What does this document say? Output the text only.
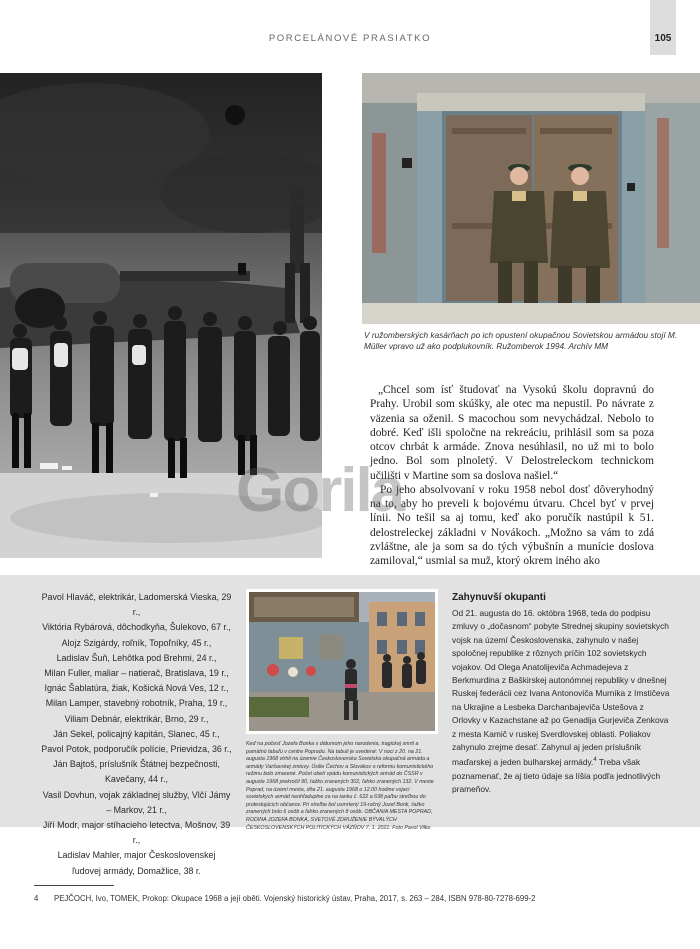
PORCELÁNOVÉ PRASIATKO	105
V ružomberských kasárňach po ich opustení okupačnou Sovietskou armádou stojí M. Müller vpravo už ako podplukovník. Ružomberok 1994. Archív MM

„Chcel som ísť študovať na Vysokú školu dopravnú do Prahy. Urobil som skúšky, ale otec ma nepustil. Po návrate z väzenia sa oženil. S macochou som nevychádzal. Nebolo to dobré. Keď išli spoločne na rekreáciu, prihlásil som sa poza otcov chrbát k armáde. Znova nesúhlasil, no už mi to bolo jedno. Bol som plnoletý. V Delostreleckom technickom učilišti v Martine som sa doslova našiel.“

Po jeho absolvovaní v roku 1958 nebol dosť dôveryhodný na to, aby ho preveli k bojovému útvaru. Chcel byť v prvej línii. No tešil sa aj tomu, keď ako poručík nastúpil k 51. delostreleckej základni v Novákoch. „Možno sa vám to zdá zvláštne, ale ja som sa do tých výbušnín a munície doslova zamiloval,“ usmial sa muž, ktorý okrem iného ako

Gorila
Pavol Hlaváč, elektrikár, Ladomerská Vieska, 29 r.,
Viktória Rybárová, dôchodkyňa, Šulekovo, 67 r.,
Alojz Szigárdy, roľník, Topoľníky, 45 r.,
Ladislav Šuň, Lehôtka pod Brehmi, 24 r.,
Milan Fuller, maliar – natierač, Bratislava, 19 r.,
Ignác Šablatúra, žiak, Košická Nová Ves, 12 r.,
Milan Lamper, stavebný robotník, Praha, 19 r.,
Viliam Debnár, elektrikár, Brno, 29 r.,
Ján Sekel, policajný kapitán, Slanec, 45 r.,
Pavol Potok, podporučík polície, Prievidza, 36 r.,
Ján Bajtoš, príslušník Štátnej bezpečnosti, Kavečany, 44 r.,
Vasil Dovhun, vojak základnej služby, Vlčí Jámy – Markov, 21 r.,
Jiří Modr, major stíhacieho letectva, Mošnov, 39 r.,
Ladislav Mahler, major Československej
ľudovej armády, Domažlice, 38 r.
Keď na počesť Jozefa Bonka s dátumom jeho narodenia, tragickej smrti a pamätnú tabuľu v centre Popradu. Na tabuli je uvedené: V noci z 20. na 21. augusta 1968 vtrhli na územie Československa Sovietska okupačná armáda a armády Varšavskej zmluvy. Úsilie Čechov a Slovákov o reformu komunistického režimu bolo zmarené. Počet obetí vpádu komunistických armád do ČSSR v auguste 1968 prekročil 90, ťažko zranených 302, ľahko zranených 132. V meste Poprad, na území mesta, dňa 21. augusta 1968 o 12.00 hodine vojaci sovietskych armád neohľaduplne za na tanku č. 622 a 638 paľbu streľbou do protestujúcich občanov. Pri streľbe bol usmrtený 19-ročný Jozef Bonk, ťažko zranených bolo 6 osôb a ľahko zranených 8 osôb. OBČANIA MESTA POPRAD, RODINA JOZEFA BONKA, SVETOVÉ ZDRUŽENIE BÝVALÝCH ČESKOSLOVENSKÝCH POLITICKÝCH VÄZŇOV 7. 1. 2021. Foto Pavol Vilko
Zahynuvší okupanti
Od 21. augusta do 16. októbra 1968, teda do podpisu zmluvy o „dočasnom“ pobyte Strednej skupiny sovietskych vojsk na území Československa, zahynulo v našej spoločnej republike z rôznych príčin 102 sovietskych vojakov. Od Olega Anatolijeviča Achmadejeva z Berkmurdina z Baškirskej autonómnej republiky v dnešnej Ruskej federácii cez Ivana Antonoviča Murnika z Imstičeva na Ukrajine a Lesbeka Darchanbajeviča Ustešova z Orlovky v Kazachstane až po Genadija Gurjeviča Zenkova z mesta Kamič v ruskej Sverdlovskej oblasti. Poliakov zahynulo zrejme desať. Zahynul aj jeden príslušník maďarskej a jeden bulharskej armády.$^4$ Treba však poznamenať, že aj tieto údaje sa líšia podľa jednotlivých prameňov.
4 PEJČOCH, Ivo, TOMEK, Prokop: Okupace 1968 a její oběti. Vojenský historický ústav, Praha, 2017, s. 263 – 284, ISBN 978-80-7278-699-2
